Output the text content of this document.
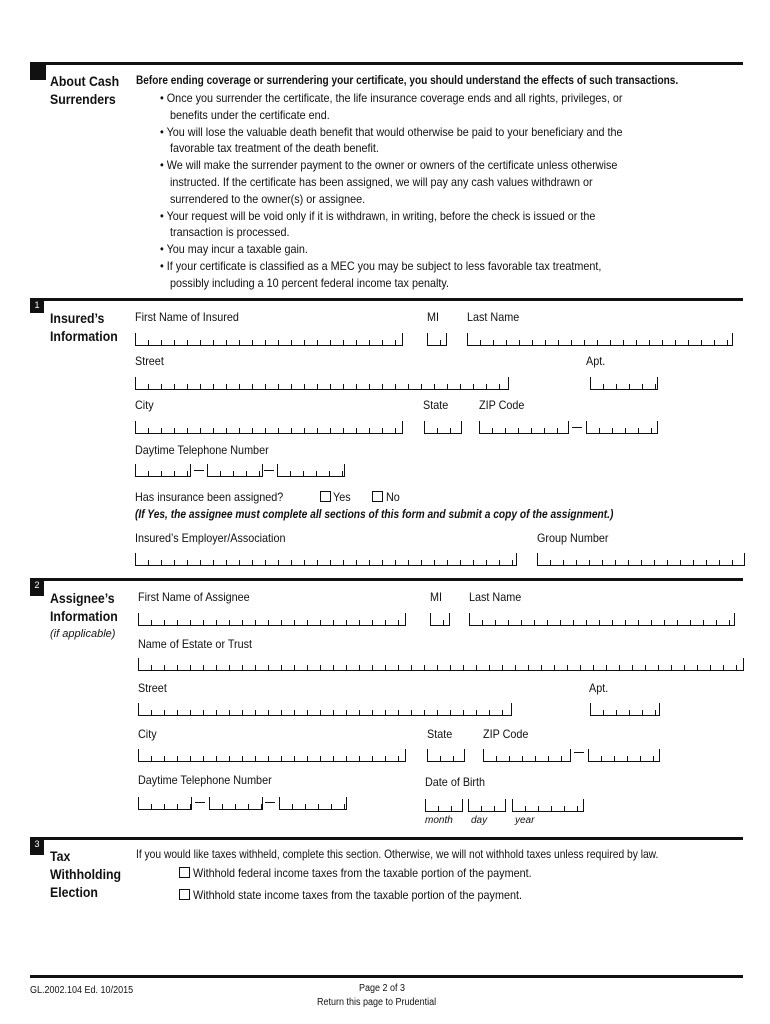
About Cash
Surrenders
Before ending coverage or surrendering your certificate, you should understand the effects of such transactions.
• Once you surrender the certificate, the life insurance coverage ends and all rights, privileges, or
benefits under the certificate end.
• You will lose the valuable death benefit that would otherwise be paid to your beneficiary and the
favorable tax treatment of the death benefit.
• We will make the surrender payment to the owner or owners of the certificate unless otherwise
instructed. If the certificate has been assigned, we will pay any cash values withdrawn or
surrendered to the owner(s) or assignee.
• Your request will be void only if it is withdrawn, in writing, before the check is issued or the
transaction is processed.
• You may incur a taxable gain.
• If your certificate is classified as a MEC you may be subject to less favorable tax treatment,
possibly including a 10 percent federal income tax penalty.
1
Insured’s
Information
First Name of Insured	MI Last Name
Street	Apt.
City	State	ZIP Code
Daytime Telephone Number
Has insurance been assigned?	Yes	No
(If Yes, the assignee must complete all sections of this form and submit a copy of the assignment.)
Insured’s Employer/Association	Group Number
2
Assignee’s
Information
(if applicable)
First Name of Assignee	MI Last Name
Name of Estate or Trust
Street	Apt.
City	State	ZIP Code
Daytime Telephone Number	Date of Birth
month day	year
3
Tax
Withholding
Election
If you would like taxes withheld, complete this section. Otherwise, we will not withhold taxes unless required by law.
Withhold federal income taxes from the taxable portion of the payment.
Withhold state income taxes from the taxable portion of the payment.
GL.2002.104 Ed. 10/2015	Page 2 of 3
Return this page to Prudential
